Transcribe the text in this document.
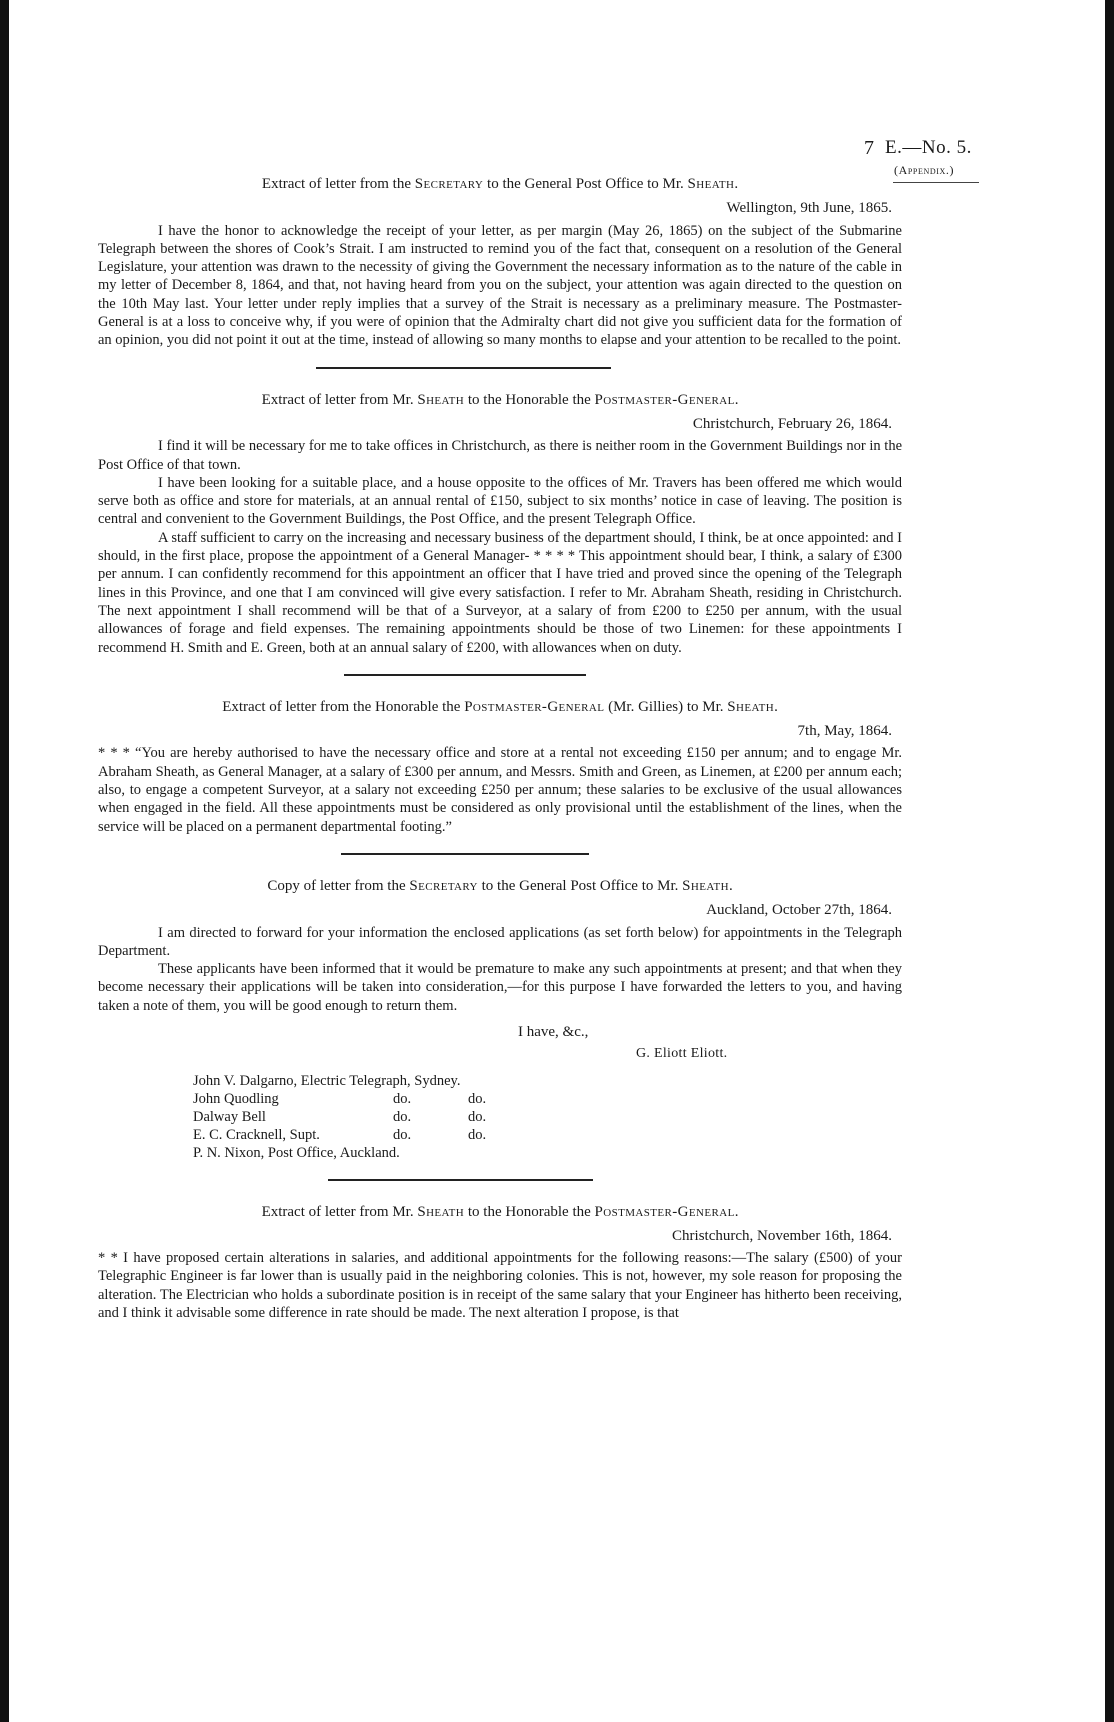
7 E.—No. 5.
(Appendix.)

Extract of letter from the Secretary to the General Post Office to Mr. Sheath.

Wellington, 9th June, 1865.

I have the honor to acknowledge the receipt of your letter, as per margin (May 26, 1865) on the subject of the Submarine Telegraph between the shores of Cook’s Strait. I am instructed to remind you of the fact that, consequent on a resolution of the General Legislature, your attention was drawn to the necessity of giving the Government the necessary information as to the nature of the cable in my letter of December 8, 1864, and that, not having heard from you on the subject, your attention was again directed to the question on the 10th May last. Your letter under reply implies that a survey of the Strait is necessary as a preliminary measure. The Postmaster-General is at a loss to conceive why, if you were of opinion that the Admiralty chart did not give you sufficient data for the formation of an opinion, you did not point it out at the time, instead of allowing so many months to elapse and your attention to be recalled to the point.

Extract of letter from Mr. Sheath to the Honorable the Postmaster-General.

Christchurch, February 26, 1864.

I find it will be necessary for me to take offices in Christchurch, as there is neither room in the Government Buildings nor in the Post Office of that town.

I have been looking for a suitable place, and a house opposite to the offices of Mr. Travers has been offered me which would serve both as office and store for materials, at an annual rental of £150, subject to six months’ notice in case of leaving. The position is central and convenient to the Government Buildings, the Post Office, and the present Telegraph Office.

A staff sufficient to carry on the increasing and necessary business of the department should, I think, be at once appointed: and I should, in the first place, propose the appointment of a General Manager- * * * * This appointment should bear, I think, a salary of £300 per annum. I can confidently recommend for this appointment an officer that I have tried and proved since the opening of the Telegraph lines in this Province, and one that I am convinced will give every satisfaction. I refer to Mr. Abraham Sheath, residing in Christchurch. The next appointment I shall recommend will be that of a Surveyor, at a salary of from £200 to £250 per annum, with the usual allowances of forage and field expenses. The remaining appointments should be those of two Linemen: for these appointments I recommend H. Smith and E. Green, both at an annual salary of £200, with allowances when on duty.

Extract of letter from the Honorable the Postmaster-General (Mr. Gillies) to Mr. Sheath.

7th, May, 1864.

* * * “You are hereby authorised to have the necessary office and store at a rental not exceeding £150 per annum; and to engage Mr. Abraham Sheath, as General Manager, at a salary of £300 per annum, and Messrs. Smith and Green, as Linemen, at £200 per annum each; also, to engage a competent Surveyor, at a salary not exceeding £250 per annum; these salaries to be exclusive of the usual allowances when engaged in the field. All these appointments must be considered as only provisional until the establishment of the lines, when the service will be placed on a permanent departmental footing.”

Copy of letter from the Secretary to the General Post Office to Mr. Sheath.

Auckland, October 27th, 1864.

I am directed to forward for your information the enclosed applications (as set forth below) for appointments in the Telegraph Department.

These applicants have been informed that it would be premature to make any such appointments at present; and that when they become necessary their applications will be taken into consideration,—for this purpose I have forwarded the letters to you, and having taken a note of them, you will be good enough to return them.

I have, &c.,

G. Eliott Eliott.

John V. Dalgarno, Electric Telegraph, Sydney.		
John Quodling	do.	do.
Dalway Bell	do.	do.
E. C. Cracknell, Supt.	do.	do.
P. N. Nixon, Post Office, Auckland.		

Extract of letter from Mr. Sheath to the Honorable the Postmaster-General.

Christchurch, November 16th, 1864.

* * I have proposed certain alterations in salaries, and additional appointments for the following reasons:—The salary (£500) of your Telegraphic Engineer is far lower than is usually paid in the neighboring colonies. This is not, however, my sole reason for proposing the alteration. The Electrician who holds a subordinate position is in receipt of the same salary that your Engineer has hitherto been receiving, and I think it advisable some difference in rate should be made. The next alteration I propose, is that
